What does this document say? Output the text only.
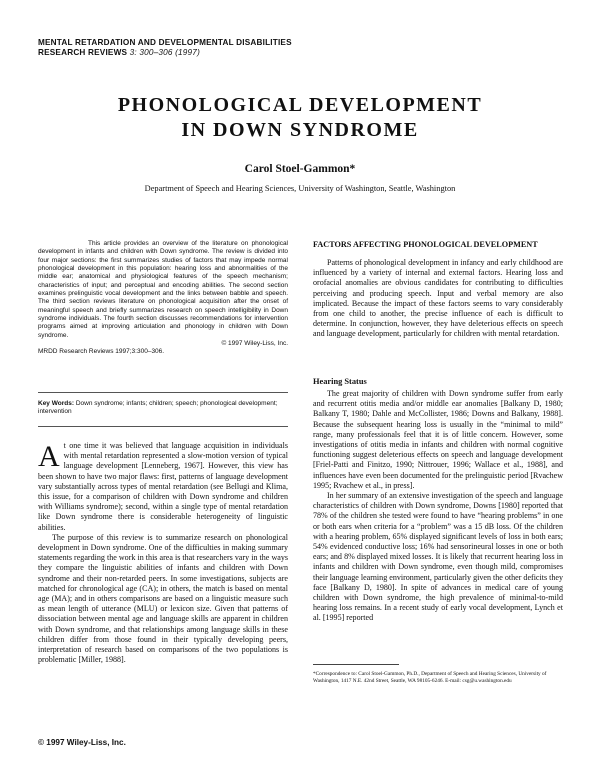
MENTAL RETARDATION AND DEVELOPMENTAL DISABILITIES
RESEARCH REVIEWS 3: 300–306 (1997)
PHONOLOGICAL DEVELOPMENT
IN DOWN SYNDROME
Carol Stoel-Gammon*
Department of Speech and Hearing Sciences, University of Washington, Seattle, Washington
This article provides an overview of the literature on phonological development in infants and children with Down syndrome. The review is divided into four major sections: the first summarizes studies of factors that may impede normal phonological development in this population: hearing loss and abnormalities of the middle ear; anatomical and physiological features of the speech mechanism; characteristics of input; and perceptual and encoding abilities. The second section examines prelinguistic vocal development and the links between babble and speech. The third section reviews literature on phonological acquisition after the onset of meaningful speech and briefly summarizes research on speech intelligibility in Down syndrome individuals. The fourth section discusses recommendations for intervention programs aimed at improving articulation and phonology in children with Down syndrome.
© 1997 Wiley-Liss, Inc.
MRDD Research Reviews 1997;3:300–306.
Key Words: Down syndrome; infants; children; speech; phonological development; intervention

At one time it was believed that language acquisition in individuals with mental retardation represented a slow-motion version of typical language development [Lenneberg, 1967]. However, this view has been shown to have two major flaws: first, patterns of language development vary substantially across types of mental retardation (see Bellugi and Klima, this issue, for a comparison of children with Down syndrome and children with Williams syndrome); second, within a single type of mental retardation like Down syndrome there is considerable heterogeneity of linguistic abilities.

The purpose of this review is to summarize research on phonological development in Down syndrome. One of the difficulties in making summary statements regarding the work in this area is that researchers vary in the ways they compare the linguistic abilities of infants and children with Down syndrome and their non-retarded peers. In some investigations, subjects are matched for chronological age (CA); in others, the match is based on mental age (MA); and in others comparisons are based on a linguistic measure such as mean length of utterance (MLU) or lexicon size. Given that patterns of dissociation between mental age and language skills are apparent in children with Down syndrome, and that relationships among language skills in these children differ from those found in their typically developing peers, interpretation of research based on comparisons of the two populations is problematic [Miller, 1988].

FACTORS AFFECTING PHONOLOGICAL DEVELOPMENT

Patterns of phonological development in infancy and early childhood are influenced by a variety of internal and external factors. Hearing loss and orofacial anomalies are obvious candidates for contributing to difficulties perceiving and producing speech. Input and verbal memory are also implicated. Because the impact of these factors seems to vary considerably from one child to another, the precise influence of each is difficult to determine. In conjunction, however, they have deleterious effects on speech and language development, particularly for children with mental retardation.

Hearing Status

The great majority of children with Down syndrome suffer from early and recurrent otitis media and/or middle ear anomalies [Balkany D, 1980; Balkany T, 1980; Dahle and McCollister, 1986; Downs and Balkany, 1988]. Because the subsequent hearing loss is usually in the “minimal to mild” range, many professionals feel that it is of little concern. However, some investigations of otitis media in infants and children with normal cognitive functioning suggest deleterious effects on speech and language development [Friel-Patti and Finitzo, 1990; Nittrouer, 1996; Wallace et al., 1988], and influences have even been documented for the prelinguistic period [Rvachew 1995; Rvachew et al., in press].

In her summary of an extensive investigation of the speech and language characteristics of children with Down syndrome, Downs [1980] reported that 78% of the children she tested were found to have “hearing problems” in one or both ears when criteria for a “problem” was a 15 dB loss. Of the children with a hearing problem, 65% displayed significant levels of loss in both ears; 54% evidenced conductive loss; 16% had sensorineural losses in one or both ears; and 8% displayed mixed losses. It is likely that recurrent hearing loss in infants and children with Down syndrome, even though mild, compromises their language learning environment, particularly given the other deficits they face [Balkany D, 1980]. In spite of advances in medical care of young children with Down syndrome, the high prevalence of minimal-to-mild hearing loss remains. In a recent study of early vocal development, Lynch et al. [1995] reported

*Correspondence to: Carol Stoel-Gammon, Ph.D., Department of Speech and Hearing Sciences, University of Washington, 1417 N.E. 42nd Street, Seattle, WA 98105-6246. E-mail: csg@u.washington.edu
© 1997 Wiley-Liss, Inc.
